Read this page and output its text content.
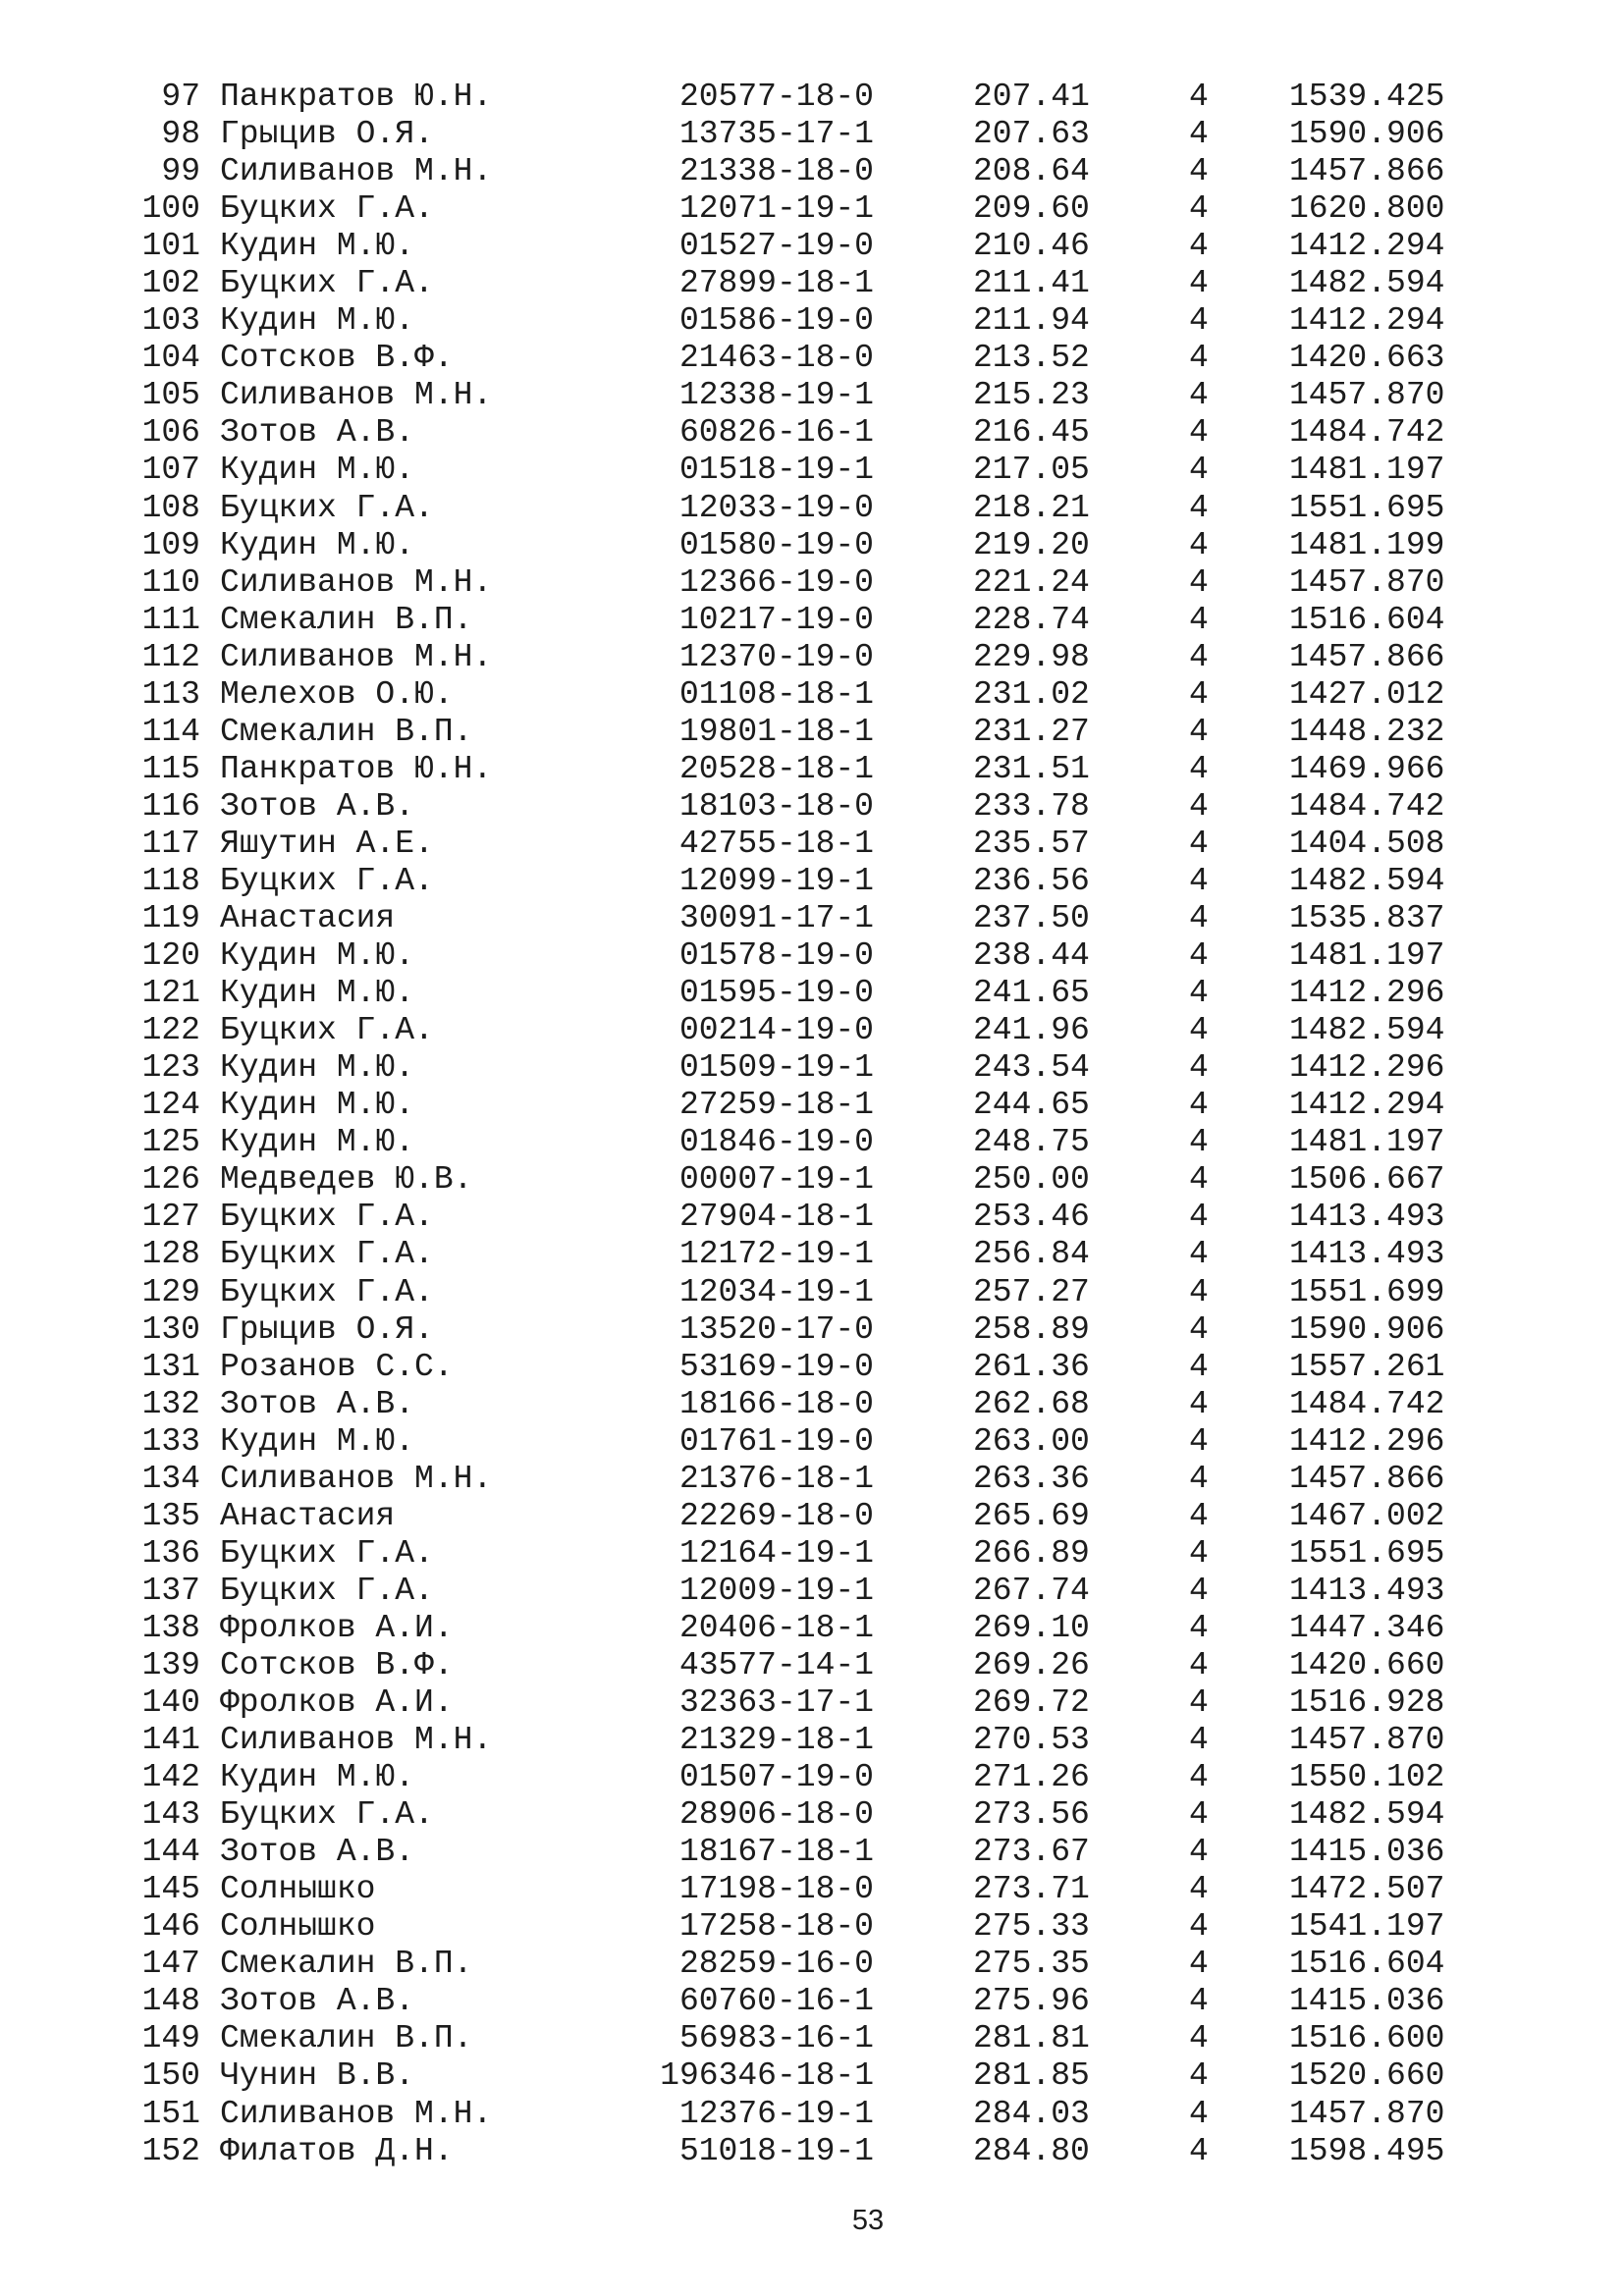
97 Панкратов Ю.Н.	20577-18-0	207.41	4 1539.425
98 Грыцив О.Я.	13735-17-1	207.63	4 1590.906
99 Силиванов М.Н.	21338-18-0	208.64	4 1457.866
100 Буцких Г.А.	12071-19-1	209.60	4 1620.800
101 Кудин М.Ю.	01527-19-0	210.46	4 1412.294
102 Буцких Г.А.	27899-18-1	211.41	4 1482.594
103 Кудин М.Ю.	01586-19-0	211.94	4 1412.294
104 Сотсков В.Ф.	21463-18-0	213.52	4 1420.663
105 Силиванов М.Н.	12338-19-1	215.23	4 1457.870
106 Зотов А.В.	60826-16-1	216.45	4 1484.742
107 Кудин М.Ю.	01518-19-1	217.05	4 1481.197
108 Буцких Г.А.	12033-19-0	218.21	4 1551.695
109 Кудин М.Ю.	01580-19-0	219.20	4 1481.199
110 Силиванов М.Н.	12366-19-0	221.24	4 1457.870
111 Смекалин В.П.	10217-19-0	228.74	4 1516.604
112 Силиванов М.Н.	12370-19-0	229.98	4 1457.866
113 Мелехов О.Ю.	01108-18-1	231.02	4 1427.012
114 Смекалин В.П.	19801-18-1	231.27	4 1448.232
115 Панкратов Ю.Н.	20528-18-1	231.51	4 1469.966
116 Зотов А.В.	18103-18-0	233.78	4 1484.742
117 Яшутин А.Е.	42755-18-1	235.57	4 1404.508
118 Буцких Г.А.	12099-19-1	236.56	4 1482.594
119 Анастасия	30091-17-1	237.50	4 1535.837
120 Кудин М.Ю.	01578-19-0	238.44	4 1481.197
121 Кудин М.Ю.	01595-19-0	241.65	4 1412.296
122 Буцких Г.А.	00214-19-0	241.96	4 1482.594
123 Кудин М.Ю.	01509-19-1	243.54	4 1412.296
124 Кудин М.Ю.	27259-18-1	244.65	4 1412.294
125 Кудин М.Ю.	01846-19-0	248.75	4 1481.197
126 Медведев Ю.В.	00007-19-1	250.00	4 1506.667
127 Буцких Г.А.	27904-18-1	253.46	4 1413.493
128 Буцких Г.А.	12172-19-1	256.84	4 1413.493
129 Буцких Г.А.	12034-19-1	257.27	4 1551.699
130 Грыцив О.Я.	13520-17-0	258.89	4 1590.906
131 Розанов С.С.	53169-19-0	261.36	4 1557.261
132 Зотов А.В.	18166-18-0	262.68	4 1484.742
133 Кудин М.Ю.	01761-19-0	263.00	4 1412.296
134 Силиванов М.Н.	21376-18-1	263.36	4 1457.866
135 Анастасия	22269-18-0	265.69	4 1467.002
136 Буцких Г.А.	12164-19-1	266.89	4 1551.695
137 Буцких Г.А.	12009-19-1	267.74	4 1413.493
138 Фролков А.И.	20406-18-1	269.10	4 1447.346
139 Сотсков В.Ф.	43577-14-1	269.26	4 1420.660
140 Фролков А.И.	32363-17-1	269.72	4 1516.928
141 Силиванов М.Н.	21329-18-1	270.53	4 1457.870
142 Кудин М.Ю.	01507-19-0	271.26	4 1550.102
143 Буцких Г.А.	28906-18-0	273.56	4 1482.594
144 Зотов А.В.	18167-18-1	273.67	4 1415.036
145 Солнышко	17198-18-0	273.71	4 1472.507
146 Солнышко	17258-18-0	275.33	4 1541.197
147 Смекалин В.П.	28259-16-0	275.35	4 1516.604
148 Зотов А.В.	60760-16-1	275.96	4 1415.036
149 Смекалин В.П.	56983-16-1	281.81	4 1516.600
150 Чунин В.В.	196346-18-1	281.85	4 1520.660
151 Силиванов М.Н.	12376-19-1	284.03	4 1457.870
152 Филатов Д.Н.	51018-19-1	284.80	4 1598.495
53
